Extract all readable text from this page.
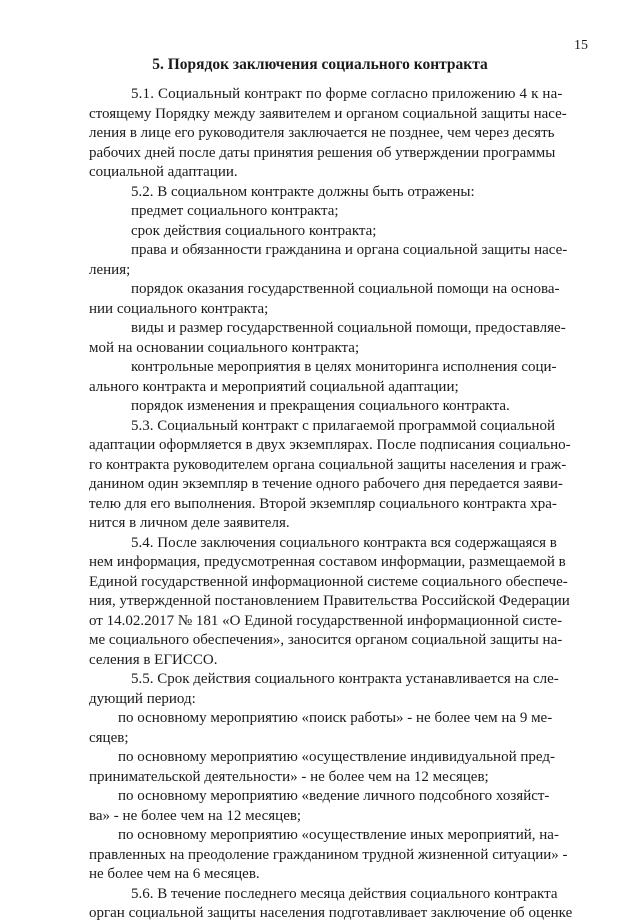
15
5. Порядок заключения социального контракта
5.1. Социальный контракт по форме согласно приложению 4 к на-
стоящему Порядку между заявителем и органом социальной защиты насе-
ления в лице его руководителя заключается не позднее, чем через десять
рабочих дней после даты принятия решения об утверждении программы
социальной адаптации.
5.2. В социальном контракте должны быть отражены:
предмет социального контракта;
срок действия социального контракта;
права и обязанности гражданина и органа социальной защиты насе-
ления;
порядок оказания государственной социальной помощи на основа-
нии социального контракта;
виды и размер государственной социальной помощи, предоставляе-
мой на основании социального контракта;
контрольные мероприятия в целях мониторинга исполнения соци-
ального контракта и мероприятий социальной адаптации;
порядок изменения и прекращения социального контракта.
5.3. Социальный контракт с прилагаемой программой социальной
адаптации оформляется в двух экземплярах. После подписания социально-
го контракта руководителем органа социальной защиты населения и граж-
данином один экземпляр в течение одного рабочего дня передается заяви-
телю для его выполнения. Второй экземпляр социального контракта хра-
нится в личном деле заявителя.
5.4. После заключения социального контракта вся содержащаяся в
нем информация, предусмотренная составом информации, размещаемой в
Единой государственной информационной системе социального обеспече-
ния, утвержденной постановлением Правительства Российской Федерации
от 14.02.2017 № 181 «О Единой государственной информационной систе-
ме социального обеспечения», заносится органом социальной защиты на-
селения в ЕГИССО.
5.5. Срок действия социального контракта устанавливается на сле-
дующий период:
по основному мероприятию «поиск работы» - не более чем на 9 ме-
сяцев;
по основному мероприятию «осуществление индивидуальной пред-
принимательской деятельности» - не более чем на 12 месяцев;
по основному мероприятию «ведение личного подсобного хозяйст-
ва» - не более чем на 12 месяцев;
по основному мероприятию «осуществление иных мероприятий, на-
правленных на преодоление гражданином трудной жизненной ситуации» -
не более чем на 6 месяцев.
5.6. В течение последнего месяца действия социального контракта
орган социальной защиты населения подготавливает заключение об оценке
